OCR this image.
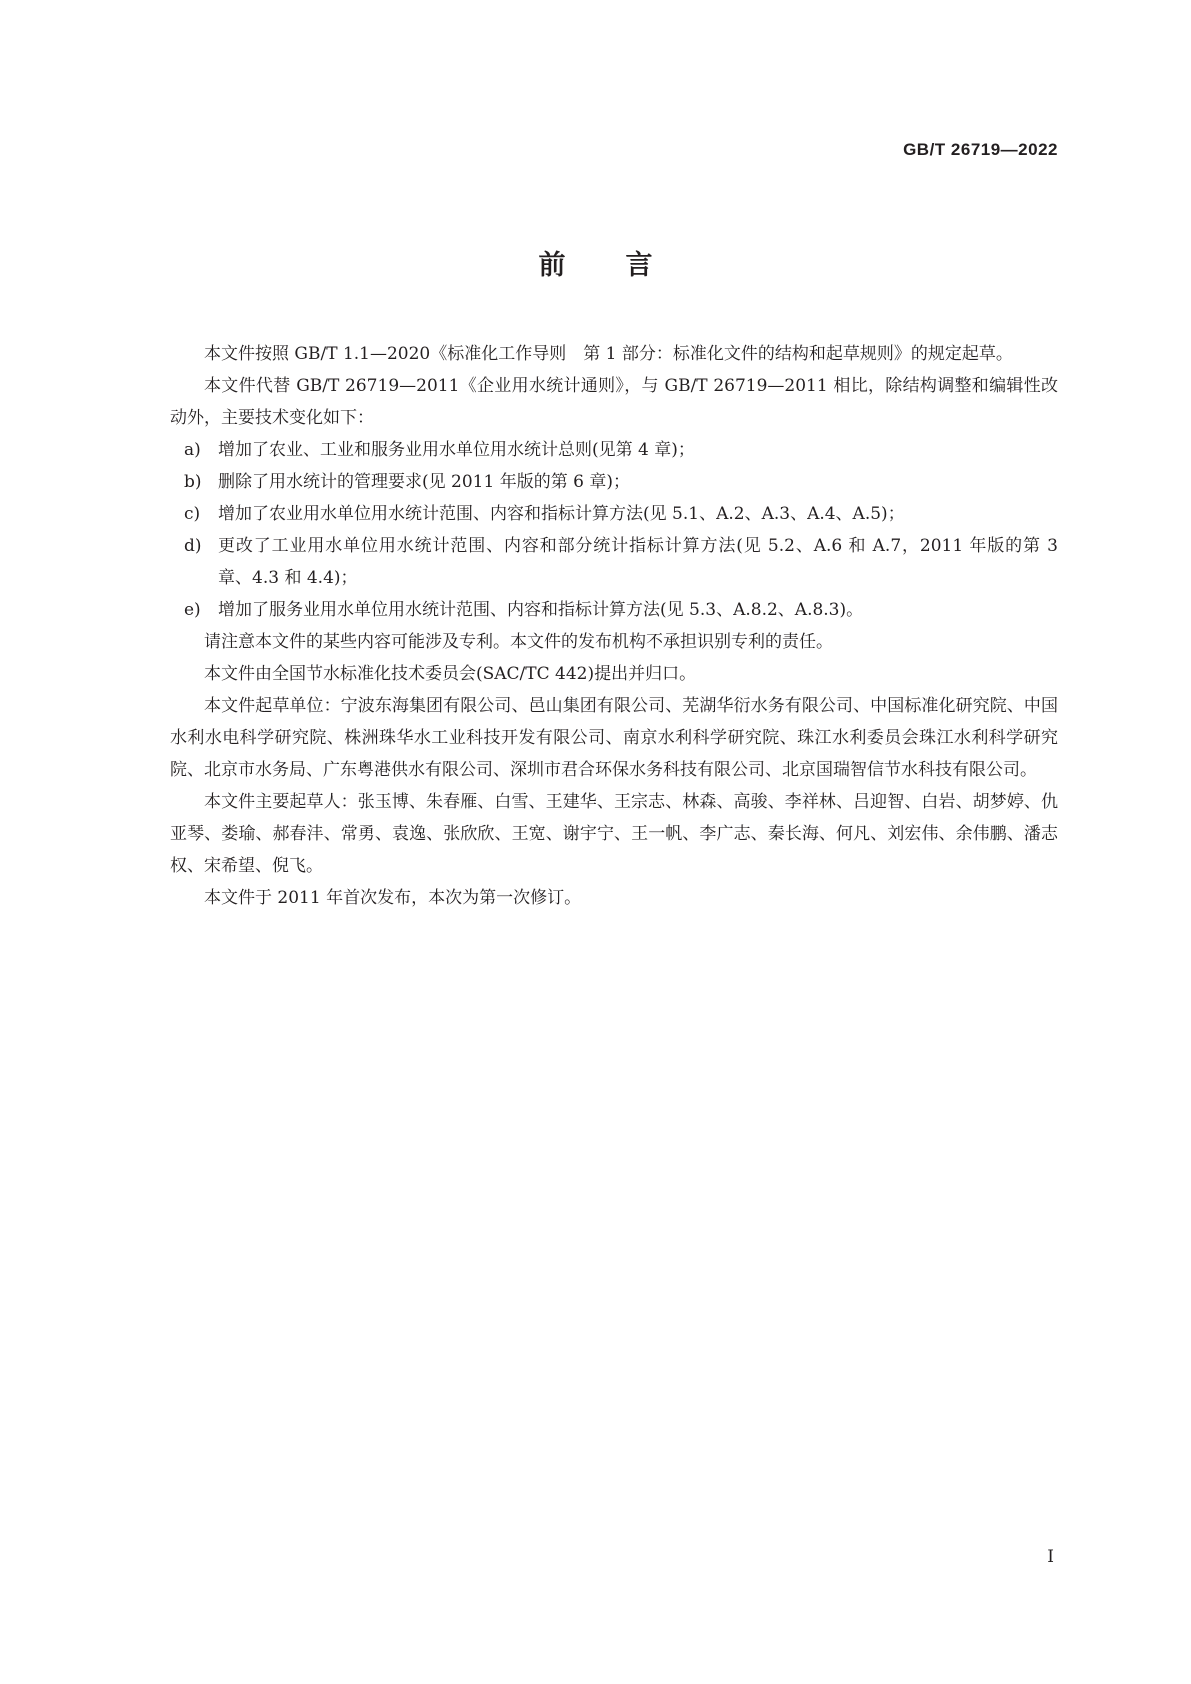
GB/T 26719—2022

前言

本文件按照 GB/T 1.1—2020《标准化工作导则　第 1 部分：标准化文件的结构和起草规则》的规定起草。

本文件代替 GB/T 26719—2011《企业用水统计通则》，与 GB/T 26719—2011 相比，除结构调整和编辑性改动外，主要技术变化如下：

a)	增加了农业、工业和服务业用水单位用水统计总则(见第 4 章)；
b) 删除了用水统计的管理要求(见 2011 年版的第 6 章)；
c)	增加了农业用水单位用水统计范围、内容和指标计算方法(见 5.1、A.2、A.3、A.4、A.5)；
d) 更改了工业用水单位用水统计范围、内容和部分统计指标计算方法(见 5.2、A.6 和 A.7，2011 年版的第 3 章、4.3 和 4.4)；
e)	增加了服务业用水单位用水统计范围、内容和指标计算方法(见 5.3、A.8.2、A.8.3)。

请注意本文件的某些内容可能涉及专利。本文件的发布机构不承担识别专利的责任。

本文件由全国节水标准化技术委员会(SAC/TC 442)提出并归口。

本文件起草单位：宁波东海集团有限公司、邑山集团有限公司、芜湖华衍水务有限公司、中国标准化研究院、中国水利水电科学研究院、株洲珠华水工业科技开发有限公司、南京水利科学研究院、珠江水利委员会珠江水利科学研究院、北京市水务局、广东粤港供水有限公司、深圳市君合环保水务科技有限公司、北京国瑞智信节水科技有限公司。

本文件主要起草人：张玉博、朱春雁、白雪、王建华、王宗志、林森、高骏、李祥林、吕迎智、白岩、胡梦婷、仇亚琴、娄瑜、郝春沣、常勇、袁逸、张欣欣、王宽、谢宇宁、王一帆、李广志、秦长海、何凡、刘宏伟、余伟鹏、潘志权、宋希望、倪飞。

本文件于 2011 年首次发布，本次为第一次修订。

I
